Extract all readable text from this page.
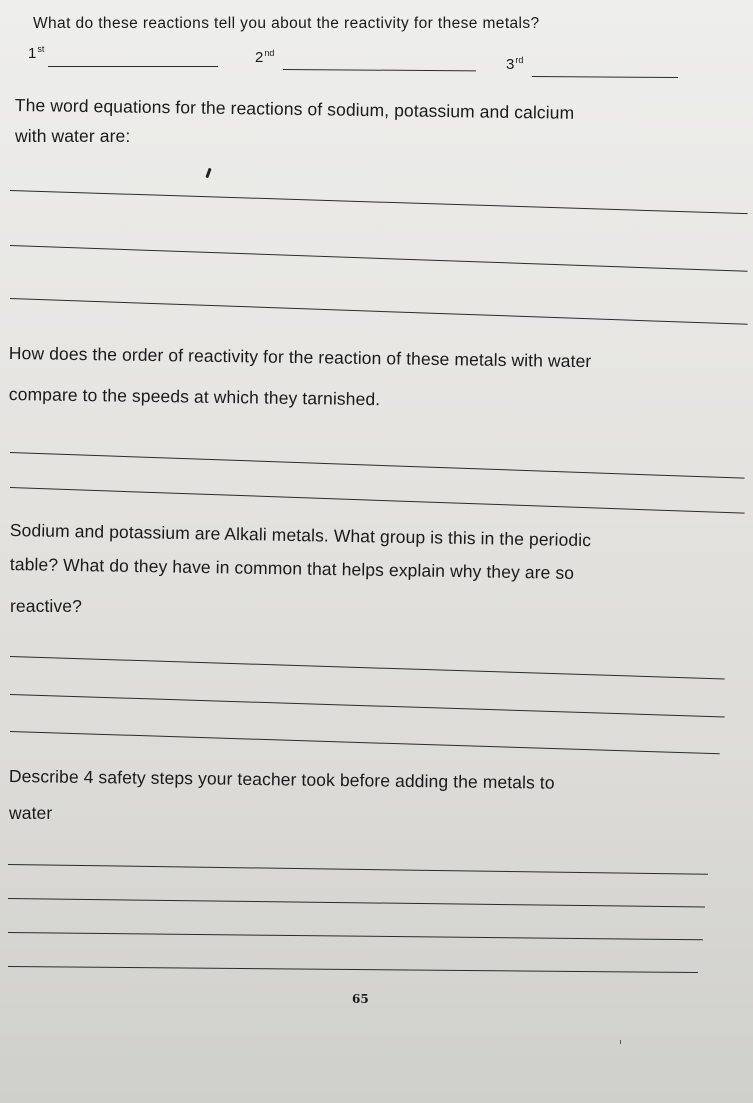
What do these reactions tell you about the reactivity for these metals?
1st	2nd
3rd
The word equations for the reactions of sodium, potassium and calcium
with water are:
How does the order of reactivity for the reaction of these metals with water
compare to the speeds at which they tarnished.
Sodium and potassium are Alkali metals. What group is this in the periodic
table? What do they have in common that helps explain why they are so
reactive?
Describe 4 safety steps your teacher took before adding the metals to
water
65
